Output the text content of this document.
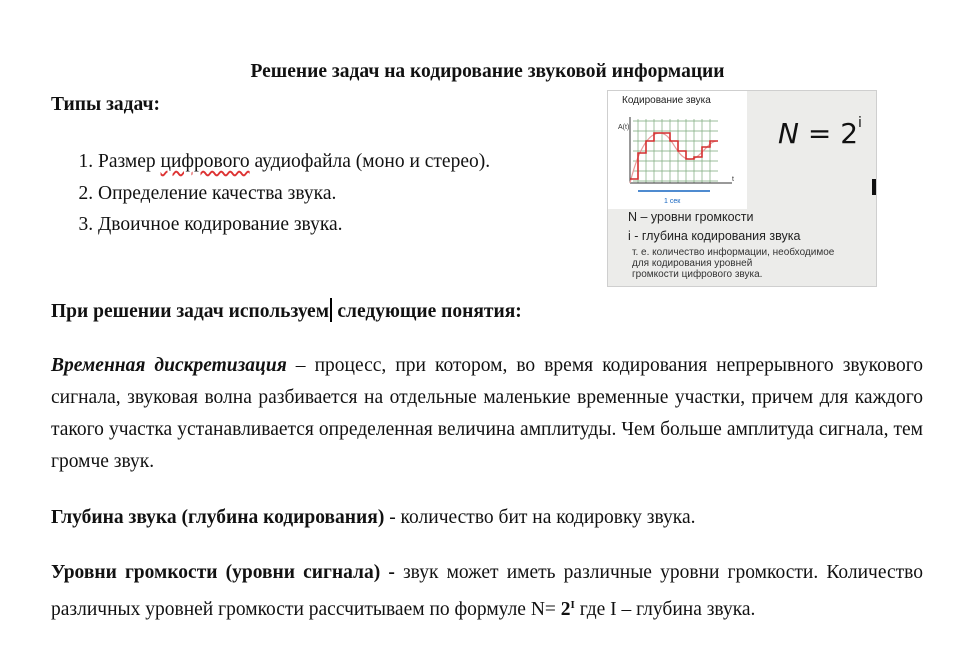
Решение задач на кодирование звуковой информации
Типы задач:
1. Размер цифрового аудиофайла (моно и стерео).
2. Определение качества звука.
3. Двоичное кодирование звука.
Кодирование звука
A(t)
t
1 сек
$N = 2^i$
N – уровни громкости
i - глубина кодирования звука
т. е. количество информации, необходимое
для кодирования уровней
громкости цифрового звука.
При решении задач используем следующие понятия:
Временная дискретизация – процесс, при котором, во время кодирования непрерывного звукового сигнала, звуковая волна разбивается на отдельные маленькие временные участки, причем для каждого такого участка устанавливается определенная величина амплитуды. Чем больше амплитуда сигнала, тем громче звук.
Глубина звука (глубина кодирования) - количество бит на кодировку звука.
Уровни громкости (уровни сигнала) - звук может иметь различные уровни громкости. Количество различных уровней громкости рассчитываем по формуле $N= 2^I$ где I – глубина звука.
